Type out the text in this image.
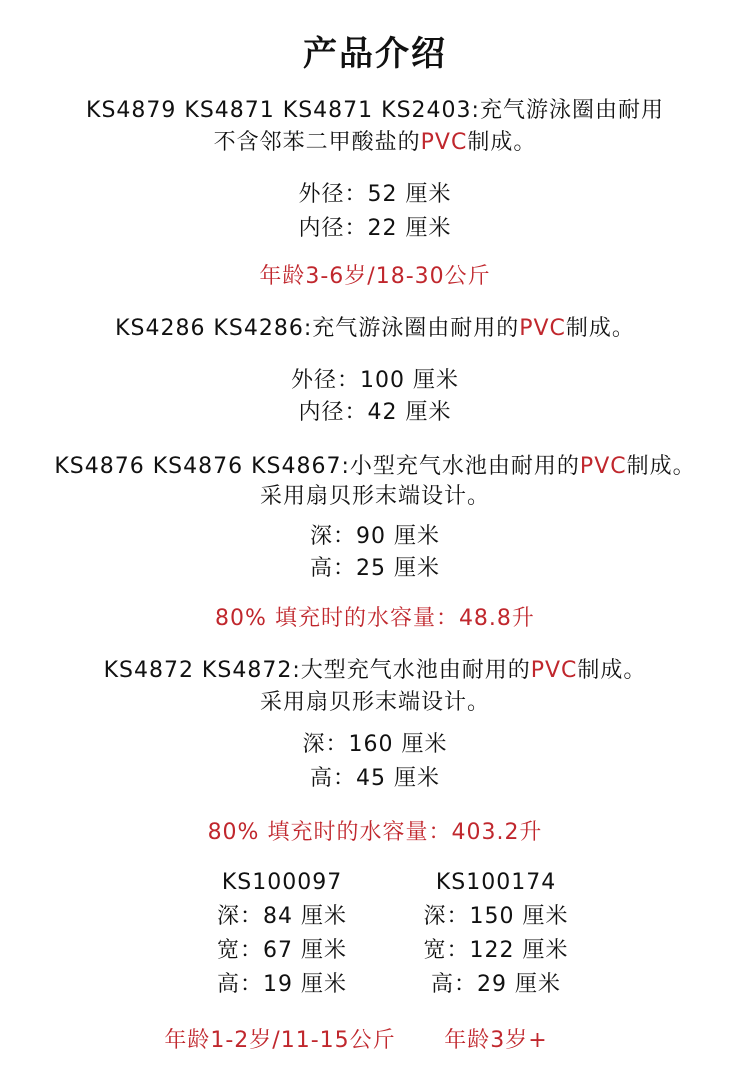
产品介绍
KS4879 KS4871 KS4871 KS2403:充气游泳圈由耐用
不含邻苯二甲酸盐的PVC制成。
外径：52 厘米
内径：22 厘米
年龄3-6岁/18-30公斤
KS4286 KS4286:充气游泳圈由耐用的PVC制成。
外径：100 厘米
内径：42 厘米
KS4876 KS4876 KS4867:小型充气水池由耐用的PVC制成。
采用扇贝形末端设计。
深：90 厘米
高：25 厘米
80% 填充时的水容量：48.8升
KS4872 KS4872:大型充气水池由耐用的PVC制成。
采用扇贝形末端设计。
深：160 厘米
高：45 厘米
80% 填充时的水容量：403.2升
KS100097	KS100174
深：84 厘米	深：150 厘米
宽：67 厘米	宽：122 厘米
高：19 厘米	高：29 厘米
年龄1-2岁/11-15公斤	年龄3岁+
